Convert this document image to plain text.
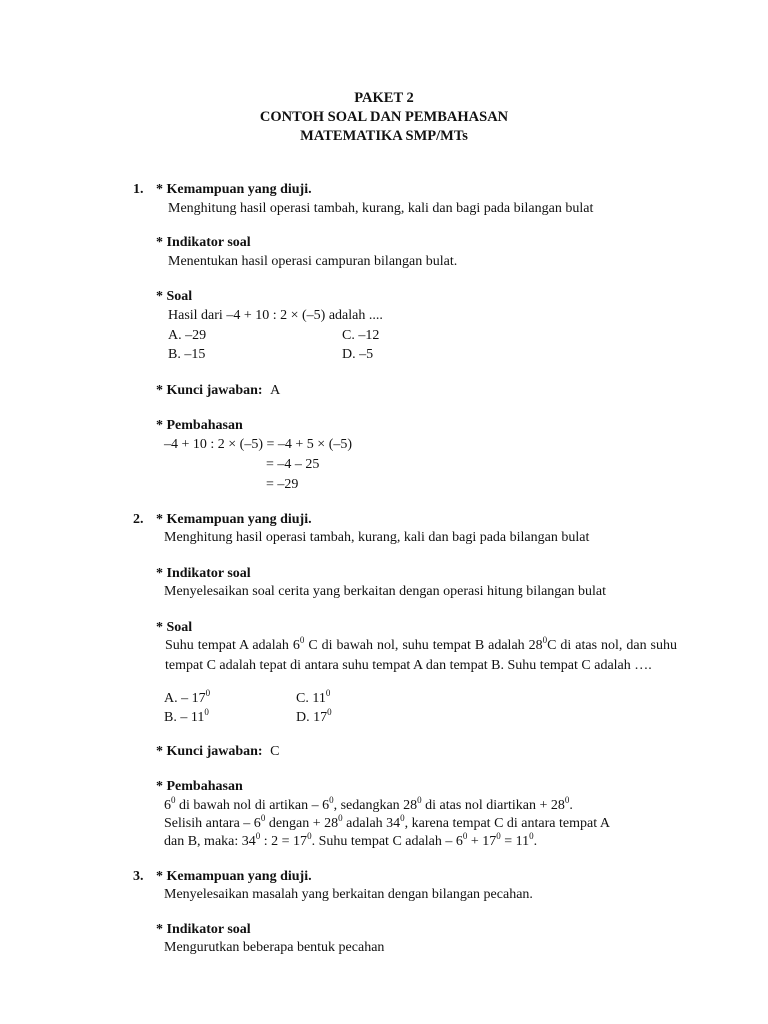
PAKET 2
CONTOH SOAL DAN PEMBAHASAN
MATEMATIKA SMP/MTs
1. * Kemampuan yang diuji.
Menghitung hasil operasi tambah, kurang, kali dan bagi pada bilangan bulat
* Indikator soal
Menentukan hasil operasi campuran bilangan bulat.
* Soal
Hasil dari –4 + 10 : 2 × (–5) adalah ....
A. –29	C. –12
B. –15	D. –5
* Kunci jawaban: A
* Pembahasan
–4 + 10 : 2 × (–5) = –4 + 5 × (–5)
= –4 – 25
= –29
2. * Kemampuan yang diuji.
Menghitung hasil operasi tambah, kurang, kali dan bagi pada bilangan bulat
* Indikator soal
Menyelesaikan soal cerita yang berkaitan dengan operasi hitung bilangan bulat
* Soal
Suhu tempat A adalah $6^0$ C di bawah nol, suhu tempat B adalah $28^0C$ di atas nol, dan suhu tempat C adalah tepat di antara suhu tempat A dan tempat B. Suhu tempat C adalah ….
A. – $17^0$	C. $11^0$
B. – $11^0$	D. $17^0$
* Kunci jawaban: C
* Pembahasan
$6^0$ di bawah nol di artikan – $6^0$, sedangkan $28^0$ di atas nol diartikan + $28^0$.
Selisih antara – $6^0$ dengan + $28^0$ adalah $34^0$, karena tempat C di antara tempat A
dan B, maka: $34^0$ : $2 = 17^0$. Suhu tempat C adalah – $6^0 + 17^0 = 11^0$.
3. * Kemampuan yang diuji.
Menyelesaikan masalah yang berkaitan dengan bilangan pecahan.
* Indikator soal
Mengurutkan beberapa bentuk pecahan
